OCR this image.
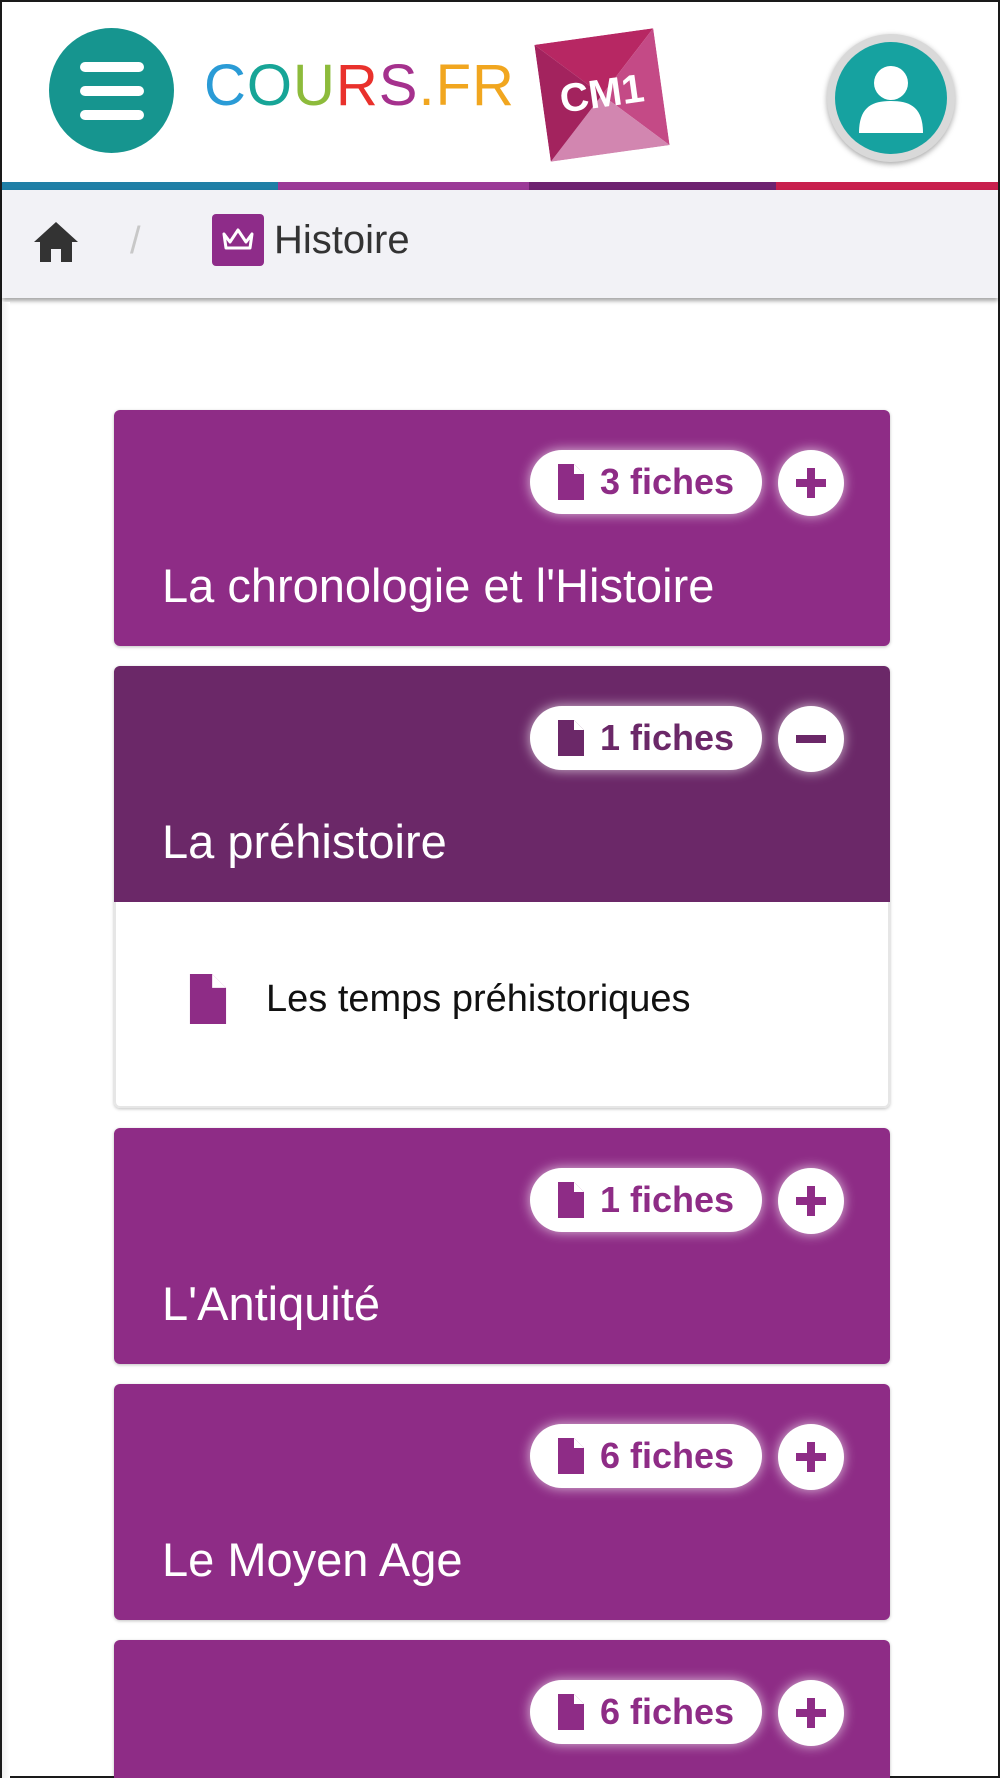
COURS.FR	CM1
/	Histoire
3 fiches
La chronologie et l'Histoire
1 fiches
La préhistoire
Les temps préhistoriques
1 fiches
L'Antiquité
6 fiches
Le Moyen Age
6 fiches
